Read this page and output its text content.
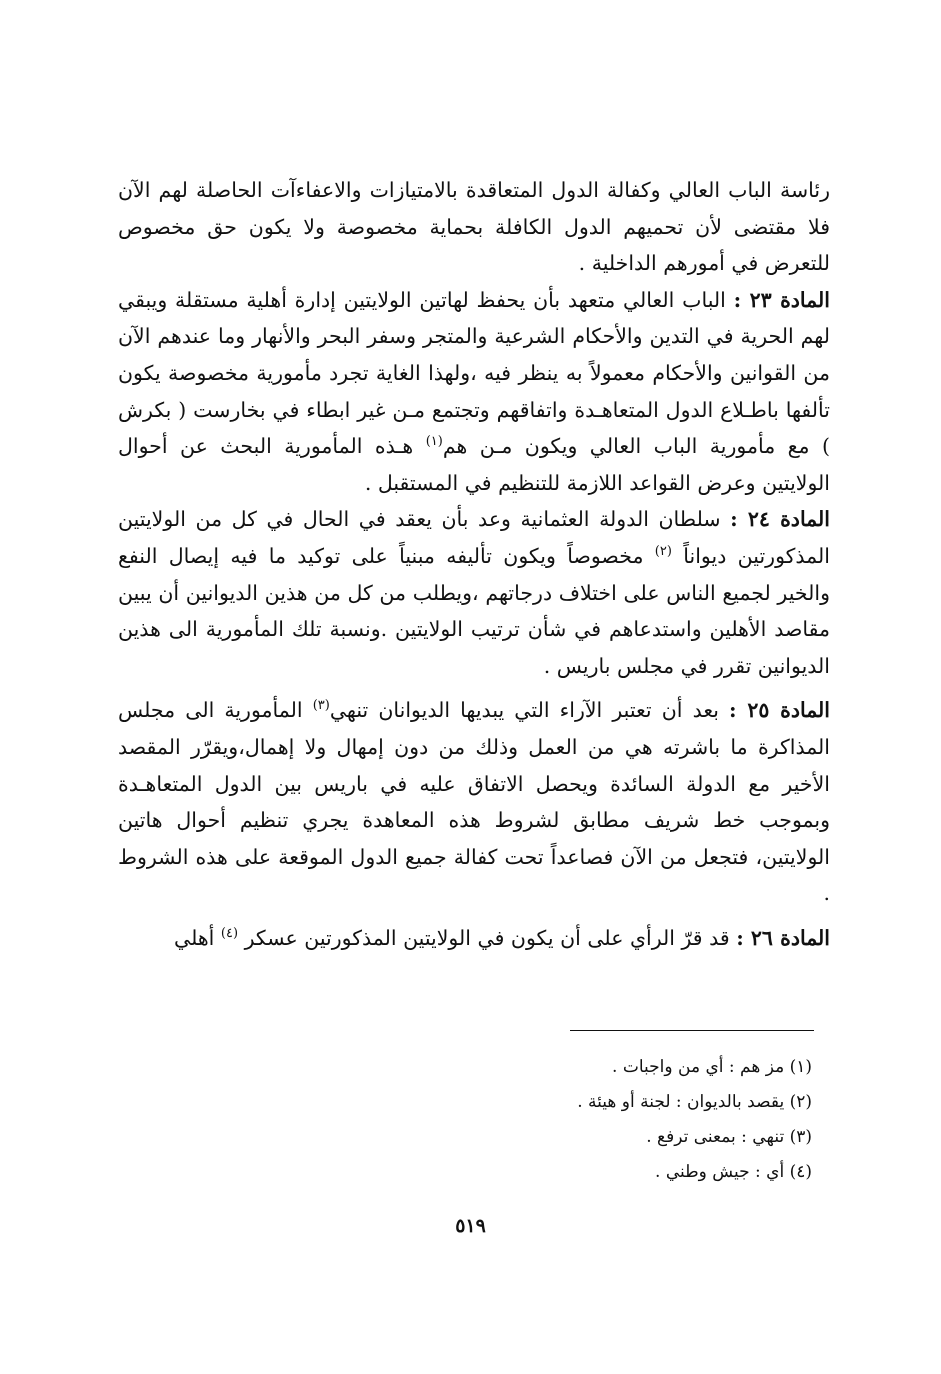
رئاسة الباب العالي وكفالة الدول المتعاقدة بالامتيازات والاعفاءآت الحاصلة لهم الآن فلا مقتضى لأن تحميهم الدول الكافلة بحماية مخصوصة ولا يكون حق مخصوص للتعرض في أمورهم الداخلية .

المادة ٢٣ : الباب العالي متعهد بأن يحفظ لهاتين الولايتين إدارة أهلية مستقلة ويبقي لهم الحرية في التدين والأحكام الشرعية والمتجر وسفر البحر والأنهار وما عندهم الآن من القوانين والأحكام معمولاً به ينظر فيه ،ولهذا الغاية تجرد مأمورية مخصوصة يكون تألفها باطـلاع الدول المتعاهـدة واتفاقهم وتجتمع مـن غير ابطاء في بخارست ( بكرش ) مع مأمورية الباب العالي ويكون مـن هم$^{(١)}$ هـذه المأمورية البحث عن أحوال الولايتين وعرض القواعد اللازمة للتنظيم في المستقبل .

المادة ٢٤ : سلطان الدولة العثمانية وعد بأن يعقد في الحال في كل من الولايتين المذكورتين ديواناً $^{(٢)}$ مخصوصاً ويكون تأليفه مبنياً على توكيد ما فيه إيصال النفع والخير لجميع الناس على اختلاف درجاتهم ،ويطلب من كل من هذين الديوانين أن يبين مقاصد الأهلين واستدعاهم في شأن ترتيب الولايتين .ونسبة تلك المأمورية الى هذين الديوانين تقرر في مجلس باريس .

المادة ٢٥ : بعد أن تعتبر الآراء التي يبديها الديوانان تنهي$^{(٣)}$ المأمورية الى مجلس المذاكرة ما باشرته هي من العمل وذلك من دون إمهال ولا إهمال،ويقرّر المقصد الأخير مع الدولة السائدة ويحصل الاتفاق عليه في باريس بين الدول المتعاهـدة وبموجب خط شريف مطابق لشروط هذه المعاهدة يجري تنظيم أحوال هاتين الولايتين، فتجعل من الآن فصاعداً تحت كفالة جميع الدول الموقعة على هذه الشروط .

المادة ٢٦ : قد قرّ الرأي على أن يكون في الولايتين المذكورتين عسكر $^{(٤)}$ أهلي

(١) مز هم : أي من واجبات .

(٢) يقصد بالديوان : لجنة أو هيئة .

(٣) تنهي : بمعنى ترفع .

(٤) أي : جيش وطني .

٥١٩
